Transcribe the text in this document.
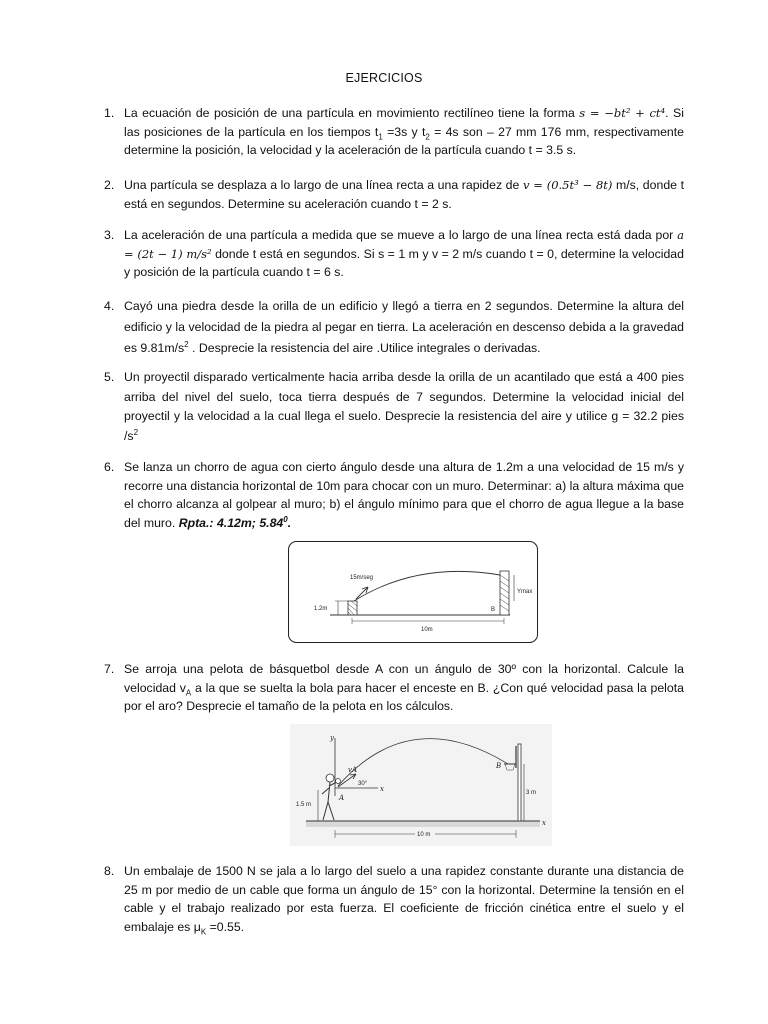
EJERCICIOS
1. La ecuación de posición de una partícula en movimiento rectilíneo tiene la forma s = −bt² + ct⁴. Si las posiciones de la partícula en los tiempos $t_1 =3s$ y $t_2 = 4s$ son – 27 mm 176 mm, respectivamente determine la posición, la velocidad y la aceleración de la partícula cuando t = 3.5 s.
2. Una partícula se desplaza a lo largo de una línea recta a una rapidez de v = (0.5t³ − 8t) m/s, donde t está en segundos. Determine su aceleración cuando t = 2 s.
3. La aceleración de una partícula a medida que se mueve a lo largo de una línea recta está dada por a = (2t − 1) m/s² donde t está en segundos. Si s = 1 m y v = 2 m/s cuando t = 0, determine la velocidad y posición de la partícula cuando t = 6 s.
4. Cayó una piedra desde la orilla de un edificio y llegó a tierra en 2 segundos. Determine la altura del edificio y la velocidad de la piedra al pegar en tierra. La aceleración en descenso debida a la gravedad es $9.81m/s^2$ . Desprecie la resistencia del aire .Utilice integrales o derivadas.
5. Un proyectil disparado verticalmente hacia arriba desde la orilla de un acantilado que está a 400 pies arriba del nivel del suelo, toca tierra después de 7 segundos. Determine la velocidad inicial del proyectil y la velocidad a la cual llega el suelo. Desprecie la resistencia del aire y utilice g = 32.2 pies $/s^2$
6. Se lanza un chorro de agua con cierto ángulo desde una altura de 1.2m a una velocidad de 15 m/s y recorre una distancia horizontal de 10m para chocar con un muro. Determinar: a) la altura máxima que el chorro alcanza al golpear al muro; b) el ángulo mínimo para que el chorro de agua llegue a la base del muro. Rpta.: 4.12m; 5.84$^0$.
15m/seg
1.2m
10m
B
Ymax
7. Se arroja una pelota de básquetbol desde A con un ángulo de 30º con la horizontal. Calcule la velocidad $v_A$ a la que se suelta la bola para hacer el enceste en B. ¿Con qué velocidad pasa la pelota por el aro? Desprecie el tamaño de la pelota en los cálculos.
x
y
x
A
vA
30°
B
1.5 m
3 m
10 m
8. Un embalaje de 1500 N se jala a lo largo del suelo a una rapidez constante durante una distancia de 25 m por medio de un cable que forma un ángulo de 15° con la horizontal. Determine la tensión en el cable y el trabajo realizado por esta fuerza. El coeficiente de fricción cinética entre el suelo y el embalaje es $\mu_K =0.55$.
